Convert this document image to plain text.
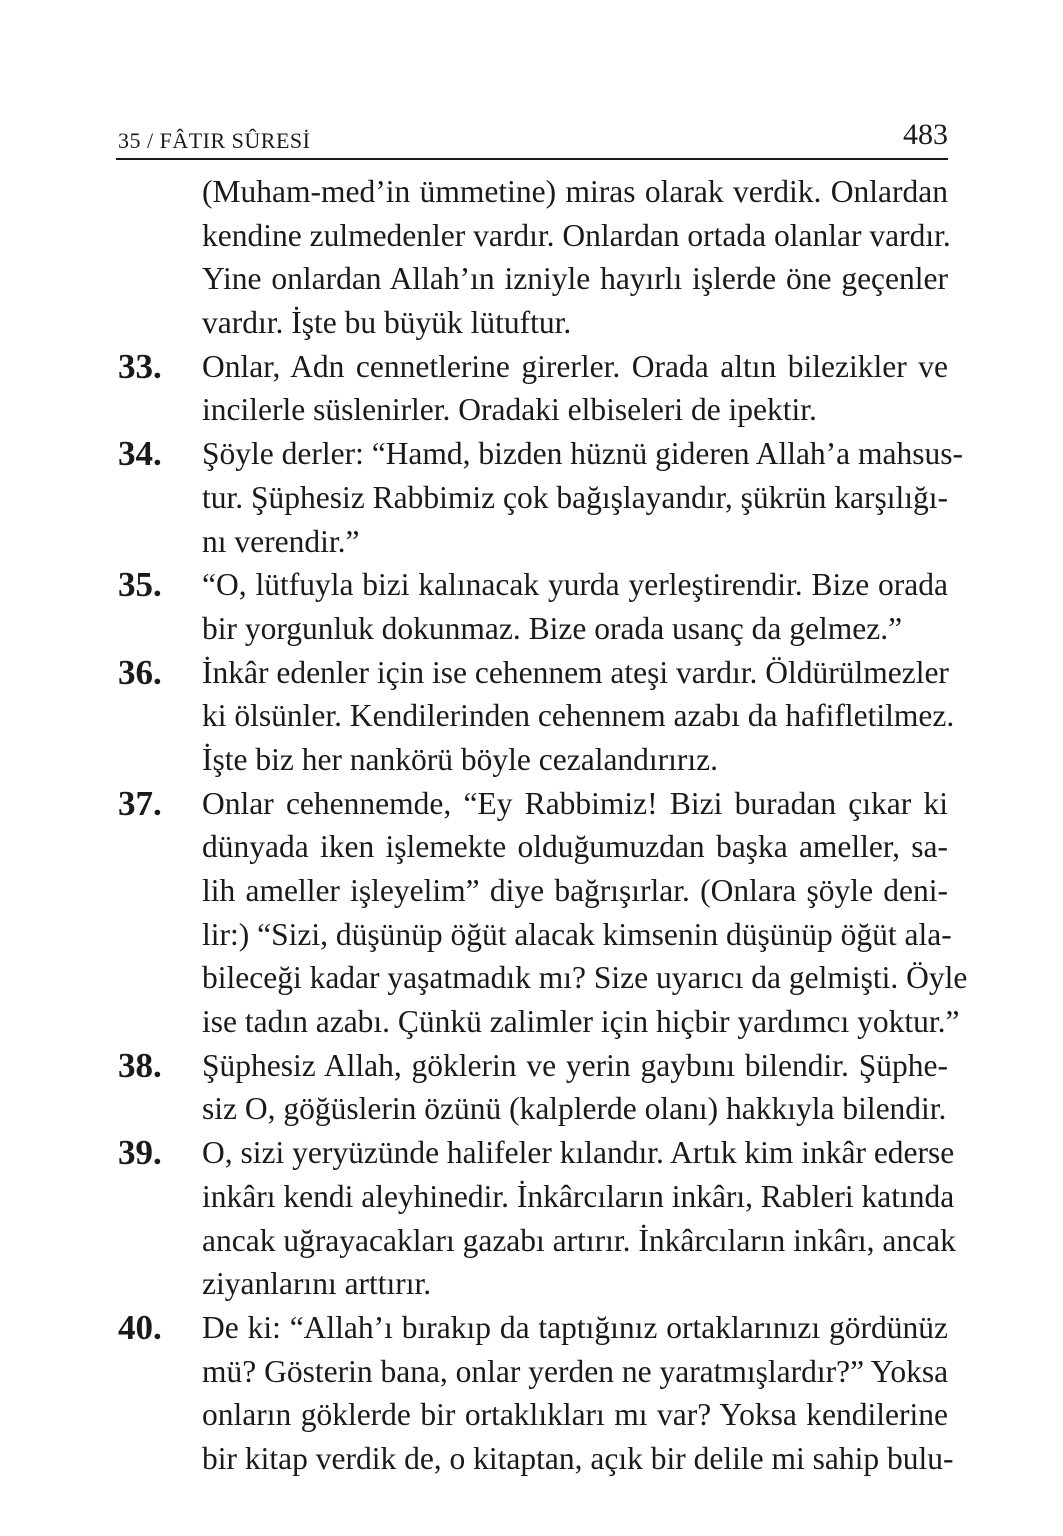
35 / FÂTIR SÛRESİ	483
(Muham-med’in ümmetine) miras olarak verdik. Onlardan
kendine zulmedenler vardır. Onlardan ortada olanlar vardır.
Yine onlardan Allah’ın izniyle hayırlı işlerde öne geçenler
vardır. İşte bu büyük lütuftur.
33. Onlar, Adn cennetlerine girerler. Orada altın bilezikler ve
incilerle süslenirler. Oradaki elbiseleri de ipektir.
34. Şöyle derler: “Hamd, bizden hüznü gideren Allah’a mahsus-
tur. Şüphesiz Rabbimiz çok bağışlayandır, şükrün karşılığı-
nı verendir.”
35. “O, lütfuyla bizi kalınacak yurda yerleştirendir. Bize orada
bir yorgunluk dokunmaz. Bize orada usanç da gelmez.”
36. İnkâr edenler için ise cehennem ateşi vardır. Öldürülmezler
ki ölsünler. Kendilerinden cehennem azabı da hafifletilmez.
İşte biz her nankörü böyle cezalandırırız.
37. Onlar cehennemde, “Ey Rabbimiz! Bizi buradan çıkar ki
dünyada iken işlemekte olduğumuzdan başka ameller, sa-
lih ameller işleyelim” diye bağrışırlar. (Onlara şöyle deni-
lir:) “Sizi, düşünüp öğüt alacak kimsenin düşünüp öğüt ala-
bileceği kadar yaşatmadık mı? Size uyarıcı da gelmişti. Öyle
ise tadın azabı. Çünkü zalimler için hiçbir yardımcı yoktur.”
38. Şüphesiz Allah, göklerin ve yerin gaybını bilendir. Şüphe-
siz O, göğüslerin özünü (kalplerde olanı) hakkıyla bilendir.
39. O, sizi yeryüzünde halifeler kılandır. Artık kim inkâr ederse
inkârı kendi aleyhinedir. İnkârcıların inkârı, Rableri katında
ancak uğrayacakları gazabı artırır. İnkârcıların inkârı, ancak
ziyanlarını arttırır.
40. De ki: “Allah’ı bırakıp da taptığınız ortaklarınızı gördünüz
mü? Gösterin bana, onlar yerden ne yaratmışlardır?” Yoksa
onların göklerde bir ortaklıkları mı var? Yoksa kendilerine
bir kitap verdik de, o kitaptan, açık bir delile mi sahip bulu-
